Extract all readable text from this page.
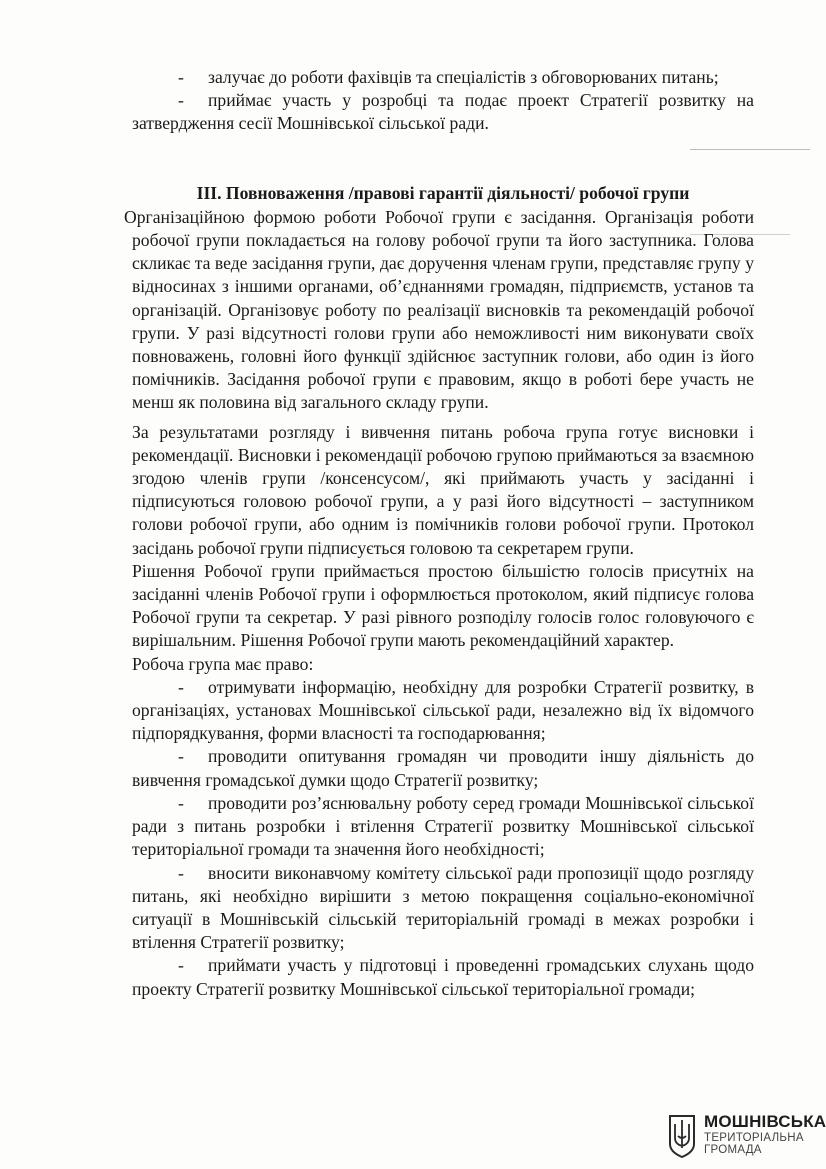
- залучає до роботи фахівців та спеціалістів з обговорюваних питань;

- приймає участь у розробці та подає проект Стратегії розвитку на затвердження сесії Мошнівської сільської ради.

ІІІ. Повноваження /правові гарантії діяльності/ робочої групи

Організаційною формою роботи Робочої групи є засідання. Організація роботи робочої групи покладається на голову робочої групи та його заступника. Голова скликає та веде засідання групи, дає доручення членам групи, представляє групу у відносинах з іншими органами, об’єднаннями громадян, підприємств, установ та організацій. Організовує роботу по реалізації висновків та рекомендацій робочої групи. У разі відсутності голови групи або неможливості ним виконувати своїх повноважень, головні його функції здійснює заступник голови, або один із його помічників. Засідання робочої групи є правовим, якщо в роботі бере участь не менш як половина від загального складу групи.

За результатами розгляду і вивчення питань робоча група готує висновки і рекомендації. Висновки і рекомендації робочою групою приймаються за взаємною згодою членів групи /консенсусом/, які приймають участь у засіданні і підписуються головою робочої групи, а у разі його відсутності – заступником голови робочої групи, або одним із помічників голови робочої групи. Протокол засідань робочої групи підписується головою та секретарем групи.

Рішення Робочої групи приймається простою більшістю голосів присутніх на засіданні членів Робочої групи і оформлюється протоколом, який підписує голова Робочої групи та секретар. У разі рівного розподілу голосів голос головуючого є вирішальним. Рішення Робочої групи мають рекомендаційний характер.

Робоча група має право:

- отримувати інформацію, необхідну для розробки Стратегії розвитку, в організаціях, установах Мошнівської сільської ради, незалежно від їх відомчого підпорядкування, форми власності та господарювання;

- проводити опитування громадян чи проводити іншу діяльність до вивчення громадської думки щодо Стратегії розвитку;

- проводити роз’яснювальну роботу серед громади Мошнівської сільської ради з питань розробки і втілення Стратегії розвитку Мошнівської сільської територіальної громади та значення його необхідності;

- вносити виконавчому комітету сільської ради пропозиції щодо розгляду питань, які необхідно вирішити з метою покращення соціально-економічної ситуації в Мошнівській сільській територіальній громаді в межах розробки і втілення Стратегії розвитку;

- приймати участь у підготовці і проведенні громадських слухань щодо проекту Стратегії розвитку Мошнівської сільської територіальної громади;

МОШНІВСЬКА
ТЕРИТОРІАЛЬНА
ГРОМАДА
